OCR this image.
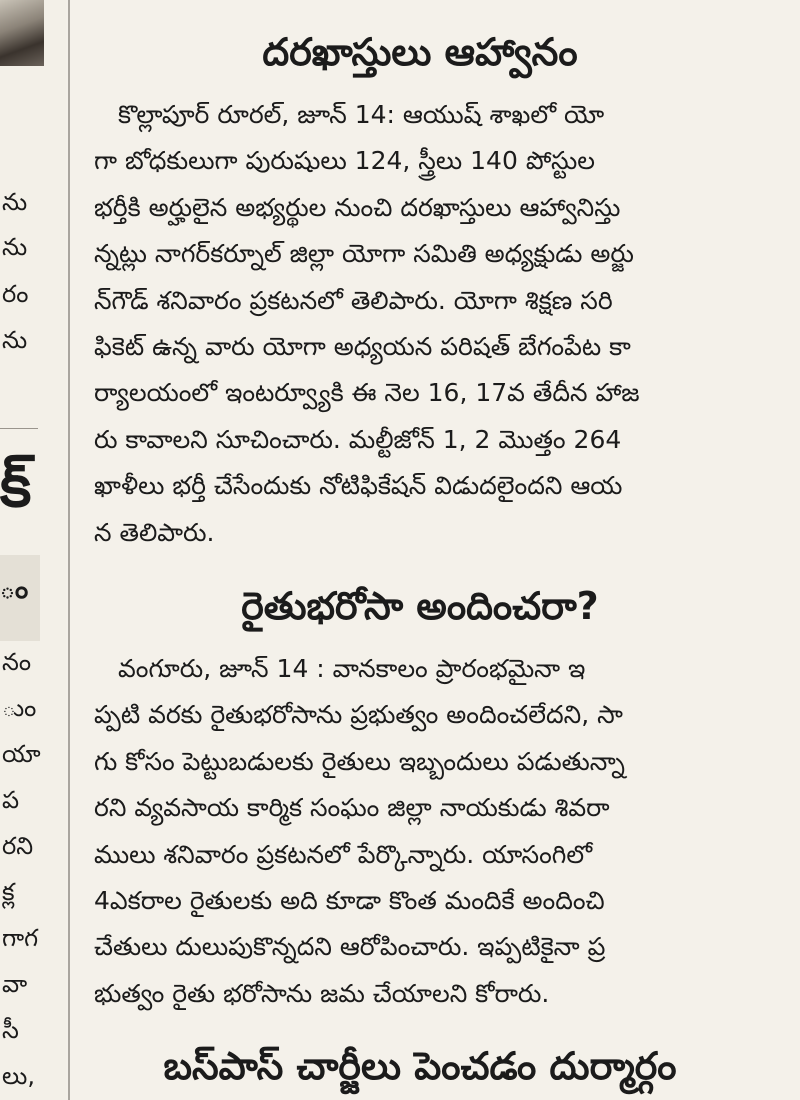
ను
ను
రం
ను
క్
ం
నం
ుం
యా
ప
రని
క్ల
గాగ
వా
సీ
లు,
దరఖాస్తులు ఆహ్వానం
కొల్లాపూర్ రూరల్, జూన్ 14: ఆయుష్ శాఖలో యో
గా బోధకులుగా పురుషులు 124, స్త్రీలు 140 పోస్టుల
భర్తీకి అర్హులైన అభ్యర్థుల నుంచి దరఖాస్తులు ఆహ్వానిస్తు
న్నట్లు నాగర్‌కర్నూల్ జిల్లా యోగా సమితి అధ్యక్షుడు అర్జు
న్‌గౌడ్ శనివారం ప్రకటనలో తెలిపారు. యోగా శిక్షణ సరి
ఫికెట్ ఉన్న వారు యోగా అధ్యయన పరిషత్ బేగంపేట కా
ర్యాలయంలో ఇంటర్వ్యూకి ఈ నెల 16, 17వ తేదీన హాజ
రు కావాలని సూచించారు. మల్టీజోన్ 1, 2 మొత్తం 264
ఖాళీలు భర్తీ చేసేందుకు నోటిఫికేషన్ విడుదలైందని ఆయ
న తెలిపారు.
రైతుభరోసా అందించరా?
వంగూరు, జూన్ 14 : వానకాలం ప్రారంభమైనా ఇ
ప్పటి వరకు రైతుభరోసాను ప్రభుత్వం అందించలేదని, సా
గు కోసం పెట్టుబడులకు రైతులు ఇబ్బందులు పడుతున్నా
రని వ్యవసాయ కార్మిక సంఘం జిల్లా నాయకుడు శివరా
ములు శనివారం ప్రకటనలో పేర్కొన్నారు. యాసంగిలో
4ఎకరాల రైతులకు అది కూడా కొంత మందికే అందించి
చేతులు దులుపుకొన్నదని ఆరోపించారు. ఇప్పటికైనా ప్ర
భుత్వం రైతు భరోసాను జమ చేయాలని కోరారు.
బస్‌పాస్ చార్జీలు పెంచడం దుర్మార్గం
